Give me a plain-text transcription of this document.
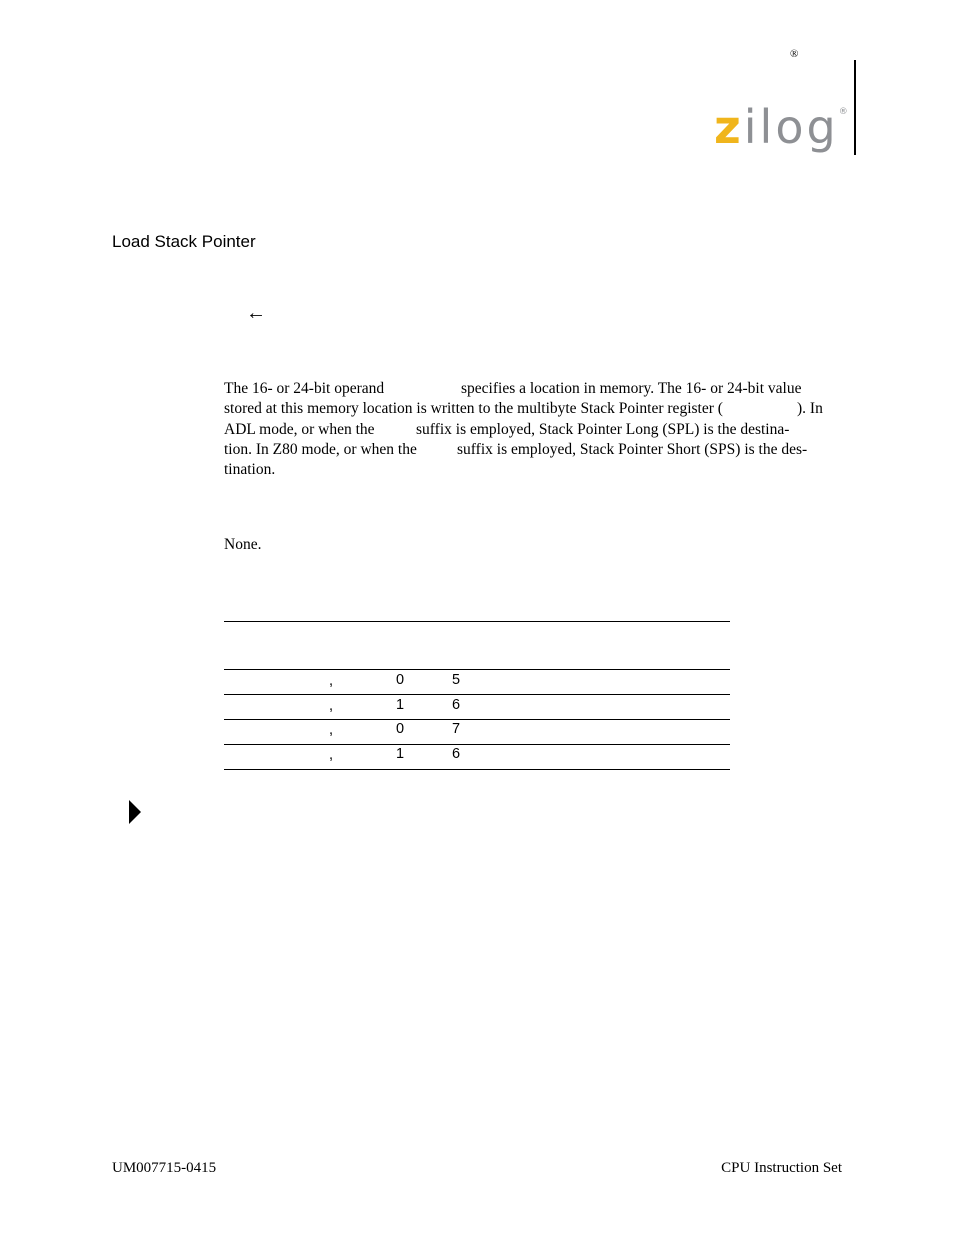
®
zilog®
Load Stack Pointer
←
The 16- or 24-bit operand	specifies a location in memory. The 16- or 24-bit value
stored at this memory location is written to the multibyte Stack Pointer register (	). In
ADL mode, or when the	suffix is employed, Stack Pointer Long (SPL) is the destina-
tion. In Z80 mode, or when the	suffix is employed, Stack Pointer Short (SPS) is the des-
tination.
None.
,	0	5
,	1	6
,	0	7
,	1	6
UM007715-0415	CPU Instruction Set
